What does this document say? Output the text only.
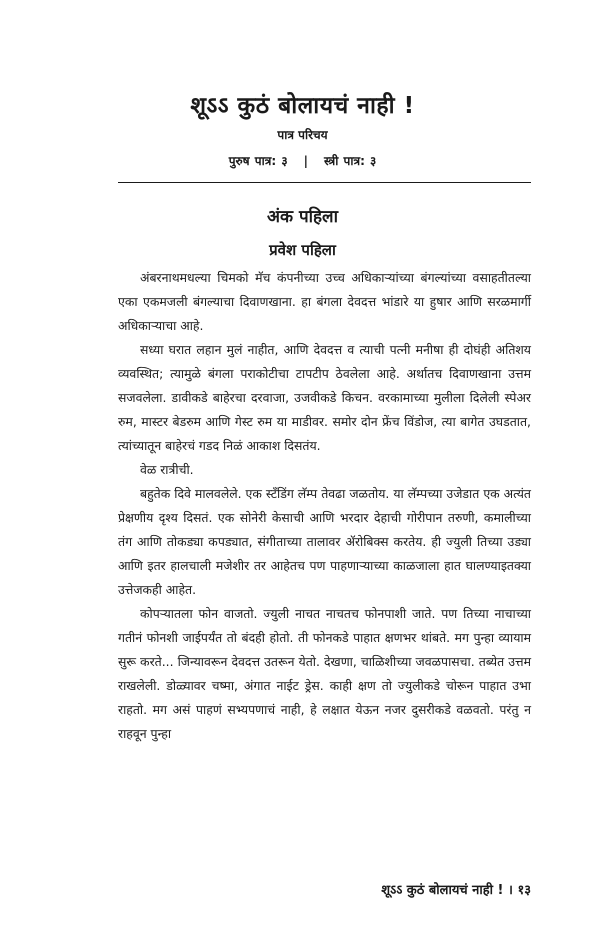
शूऽऽ कुठं बोलायचं नाही !
पात्र परिचय
पुरुष पात्र: ३ | स्त्री पात्र: ३
अंक पहिला
प्रवेश पहिला

अंबरनाथमधल्या चिमको मॅच कंपनीच्या उच्च अधिकाऱ्यांच्या बंगल्यांच्या वसाहतीतल्या एका एकमजली बंगल्याचा दिवाणखाना. हा बंगला देवदत्त भांडारे या हुषार आणि सरळमार्गी अधिकाऱ्याचा आहे.

सध्या घरात लहान मुलं नाहीत, आणि देवदत्त व त्याची पत्नी मनीषा ही दोघंही अतिशय व्यवस्थित; त्यामुळे बंगला पराकोटीचा टापटीप ठेवलेला आहे. अर्थातच दिवाणखाना उत्तम सजवलेला. डावीकडे बाहेरचा दरवाजा, उजवीकडे किचन. वरकामाच्या मुलीला दिलेली स्पेअर रुम, मास्टर बेडरुम आणि गेस्ट रुम या माडीवर. समोर दोन फ्रेंच विंडोज, त्या बागेत उघडतात, त्यांच्यातून बाहेरचं गडद निळं आकाश दिसतंय.

वेळ रात्रीची.

बहुतेक दिवे मालवलेले. एक स्टॅंडिंग लॅम्प तेवढा जळतोय. या लॅम्पच्या उजेडात एक अत्यंत प्रेक्षणीय दृश्य दिसतं. एक सोनेरी केसाची आणि भरदार देहाची गोरीपान तरुणी, कमालीच्या तंग आणि तोकड्या कपड्यात, संगीताच्या तालावर ॲरोबिक्स करतेय. ही ज्युली तिच्या उड्या आणि इतर हालचाली मजेशीर तर आहेतच पण पाहणाऱ्याच्या काळजाला हात घालण्याइतक्या उत्तेजकही आहेत.

कोपऱ्यातला फोन वाजतो. ज्युली नाचत नाचतच फोनपाशी जाते. पण तिच्या नाचाच्या गतीनं फोनशी जाईपर्यंत तो बंदही होतो. ती फोनकडे पाहात क्षणभर थांबते. मग पुन्हा व्यायाम सुरू करते... जिन्यावरून देवदत्त उतरून येतो. देखणा, चाळिशीच्या जवळपासचा. तब्येत उत्तम राखलेली. डोळ्यावर चष्मा, अंगात नाईट ड्रेस. काही क्षण तो ज्युलीकडे चोरून पाहात उभा राहतो. मग असं पाहणं सभ्यपणाचं नाही, हे लक्षात येऊन नजर दुसरीकडे वळवतो. परंतु न राहवून पुन्हा

शूऽऽ कुठं बोलायचं नाही ! । १३
